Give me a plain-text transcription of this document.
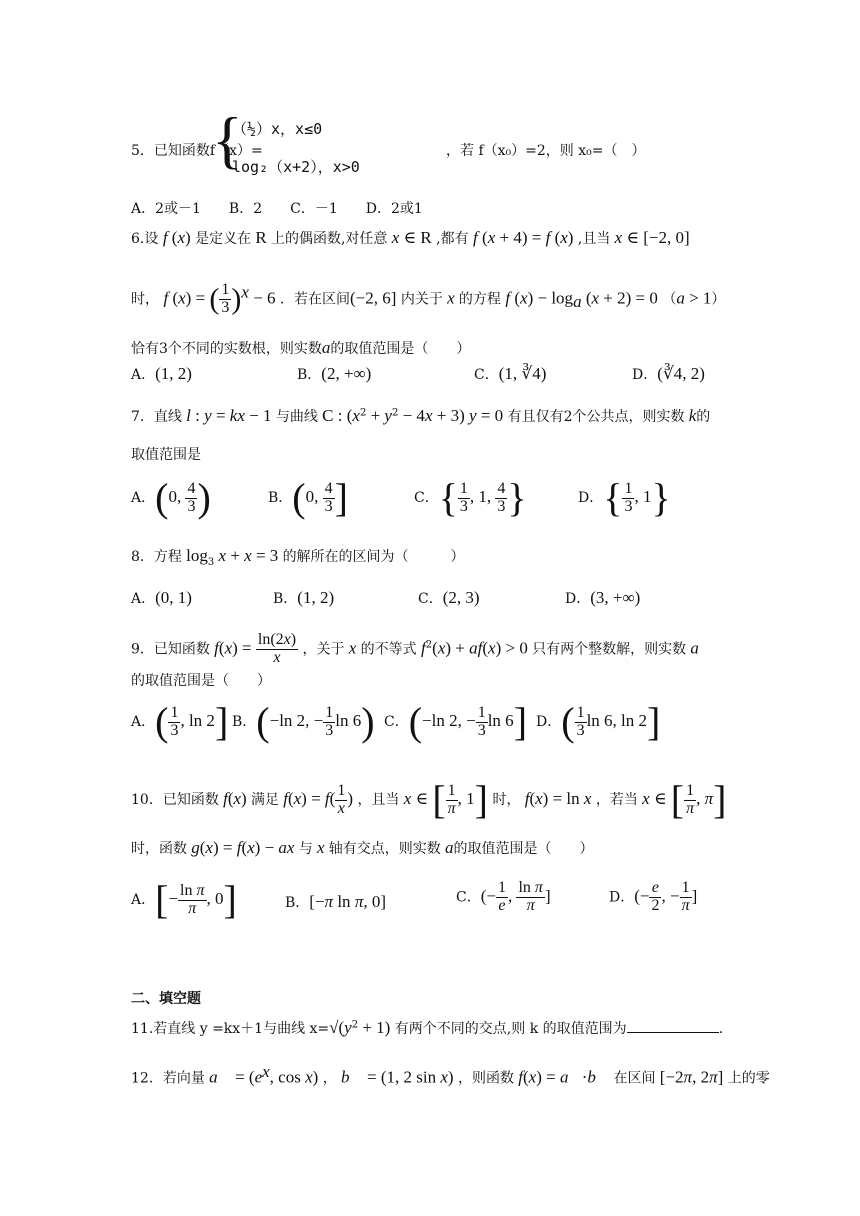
5．已知函数f（x）=
{
（½）x，x≤0
log₂（x+2），x>0
，若 f（x₀）=2，则 x₀=（　）
A．2或－1　　B．2　　C．－1　　D．2或1
6.设 f (x) 是定义在 R 上的偶函数,对任意 x ∈ R ,都有 f (x + 4) = f (x) ,且当 x ∈ [−2, 0]
时， f (x) = ( $\frac{1}{3} )^x - 6$ ．若在区间(−2, 6] 内关于 x 的方程 f $(x) - \log_a (x + 2) = 0$ （a > 1）
恰有3个不同的实数根，则实数a的取值范围是（　　）
A．(1, 2)	B．(2, +∞)	C．(1, ∛4)	D．(∛4, 2)
7．直线 l : y = kx − 1 与曲线 C : $(x^2 + y^2 - 4x + 3) y = 0$ 有且仅有2个公共点，则实数 k的
取值范围是
A．(0, $\frac{4}{3}$ )	B．(0, $\frac{4}{3}$ ]	C．{ $\frac{1}{3}$ , 1, $\frac{4}{3}$ }	D．{ $\frac{1}{3}$ , 1}
8．方程 $\log_3 x + x = 3$ 的解所在的区间为（　　　）
A．(0, 1)	B．(1, 2)	C．(2, 3)	D．(3, +∞)
9．已知函数 $f(x) = \frac{\ln(2x)}{x}$ ，关于 x 的不等式 $f^2(x) + af(x) > 0$ 只有两个整数解，则实数 a
的取值范围是（　　）
A．( $\frac{1}{3}$ , ln 2] B．(−ln 2, − $\frac{1}{3}$ ln 6) C．(−ln 2, − $\frac{1}{3}$ ln 6] D．( $\frac{1}{3}$ ln 6, ln 2]
10．已知函数 f(x) 满足 $f(x) = f( \frac{1}{x}$ ) ，且当 x ∈ [ $\frac{1}{\pi}$ , 1] 时， f(x) = ln x ，若当 x ∈ [ $\frac{1}{\pi}$ , π]
时，函数 g(x) = f(x) − ax 与 x 轴有交点，则实数 a的取值范围是（　　）
A．[− $\frac{\text{ln π}}{\pi}$ , 0]	B．[−π ln π, 0]	C．(− $\frac{1}{e}$ , $\frac{\text{ln π}}{\pi}$ ]	D．(− $\frac{e}{2}$ , − $\frac{1}{\pi}$ ]
二、填空题
11.若直线 y =kx＋1与曲线 $x=√(y^2 + 1)$ 有两个不同的交点,则 k 的取值范围为	.
12．若向量 a⃗ = ($e^x$, cos x) ， b⃗ = (1, 2 sin x) ，则函数 f(x) = a⃗·b⃗ 在区间 [−2π, 2π] 上的零
